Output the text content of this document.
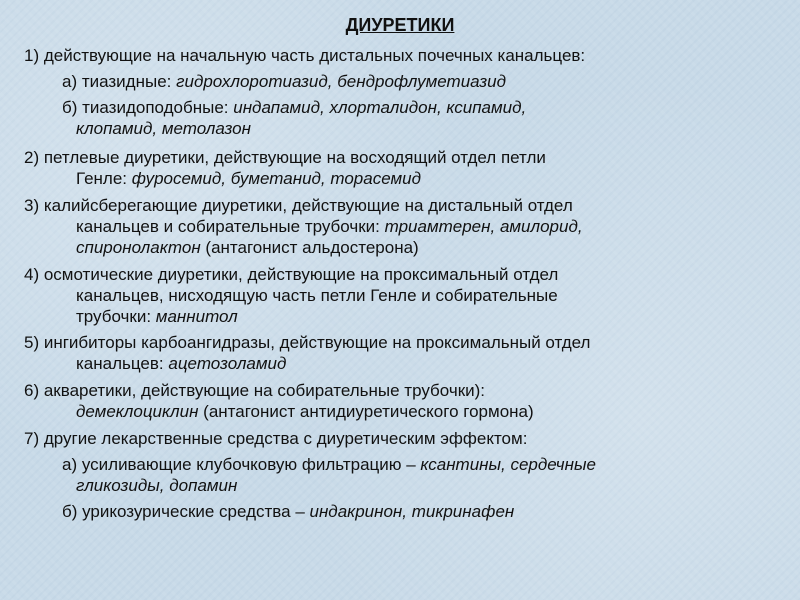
ДИУРЕТИКИ
1) действующие на начальную часть дистальных почечных канальцев:
а) тиазидные: гидрохлоротиазид, бендрофлуметиазид
б) тиазидоподобные: индапамид, хлорталидон, ксипамид,
клопамид, метолазон
2) петлевые диуретики, действующие на восходящий отдел петли
Генле: фуросемид, буметанид, торасемид
3) калийсберегающие диуретики, действующие на дистальный отдел
канальцев и собирательные трубочки: триамтерен, амилорид,
спиронолактон (антагонист альдостерона)
4) осмотические диуретики, действующие на проксимальный отдел
канальцев, нисходящую часть петли Генле и собирательные
трубочки: маннитол
5) ингибиторы карбоангидразы, действующие на проксимальный отдел
канальцев: ацетозоламид
6) акваретики, действующие на собирательные трубочки):
демеклоциклин (антагонист антидиуретического гормона)
7) другие лекарственные средства с диуретическим эффектом:
а) усиливающие клубочковую фильтрацию – ксантины, сердечные
гликозиды, допамин
б) урикозурические средства – индакринон, тикринафен
